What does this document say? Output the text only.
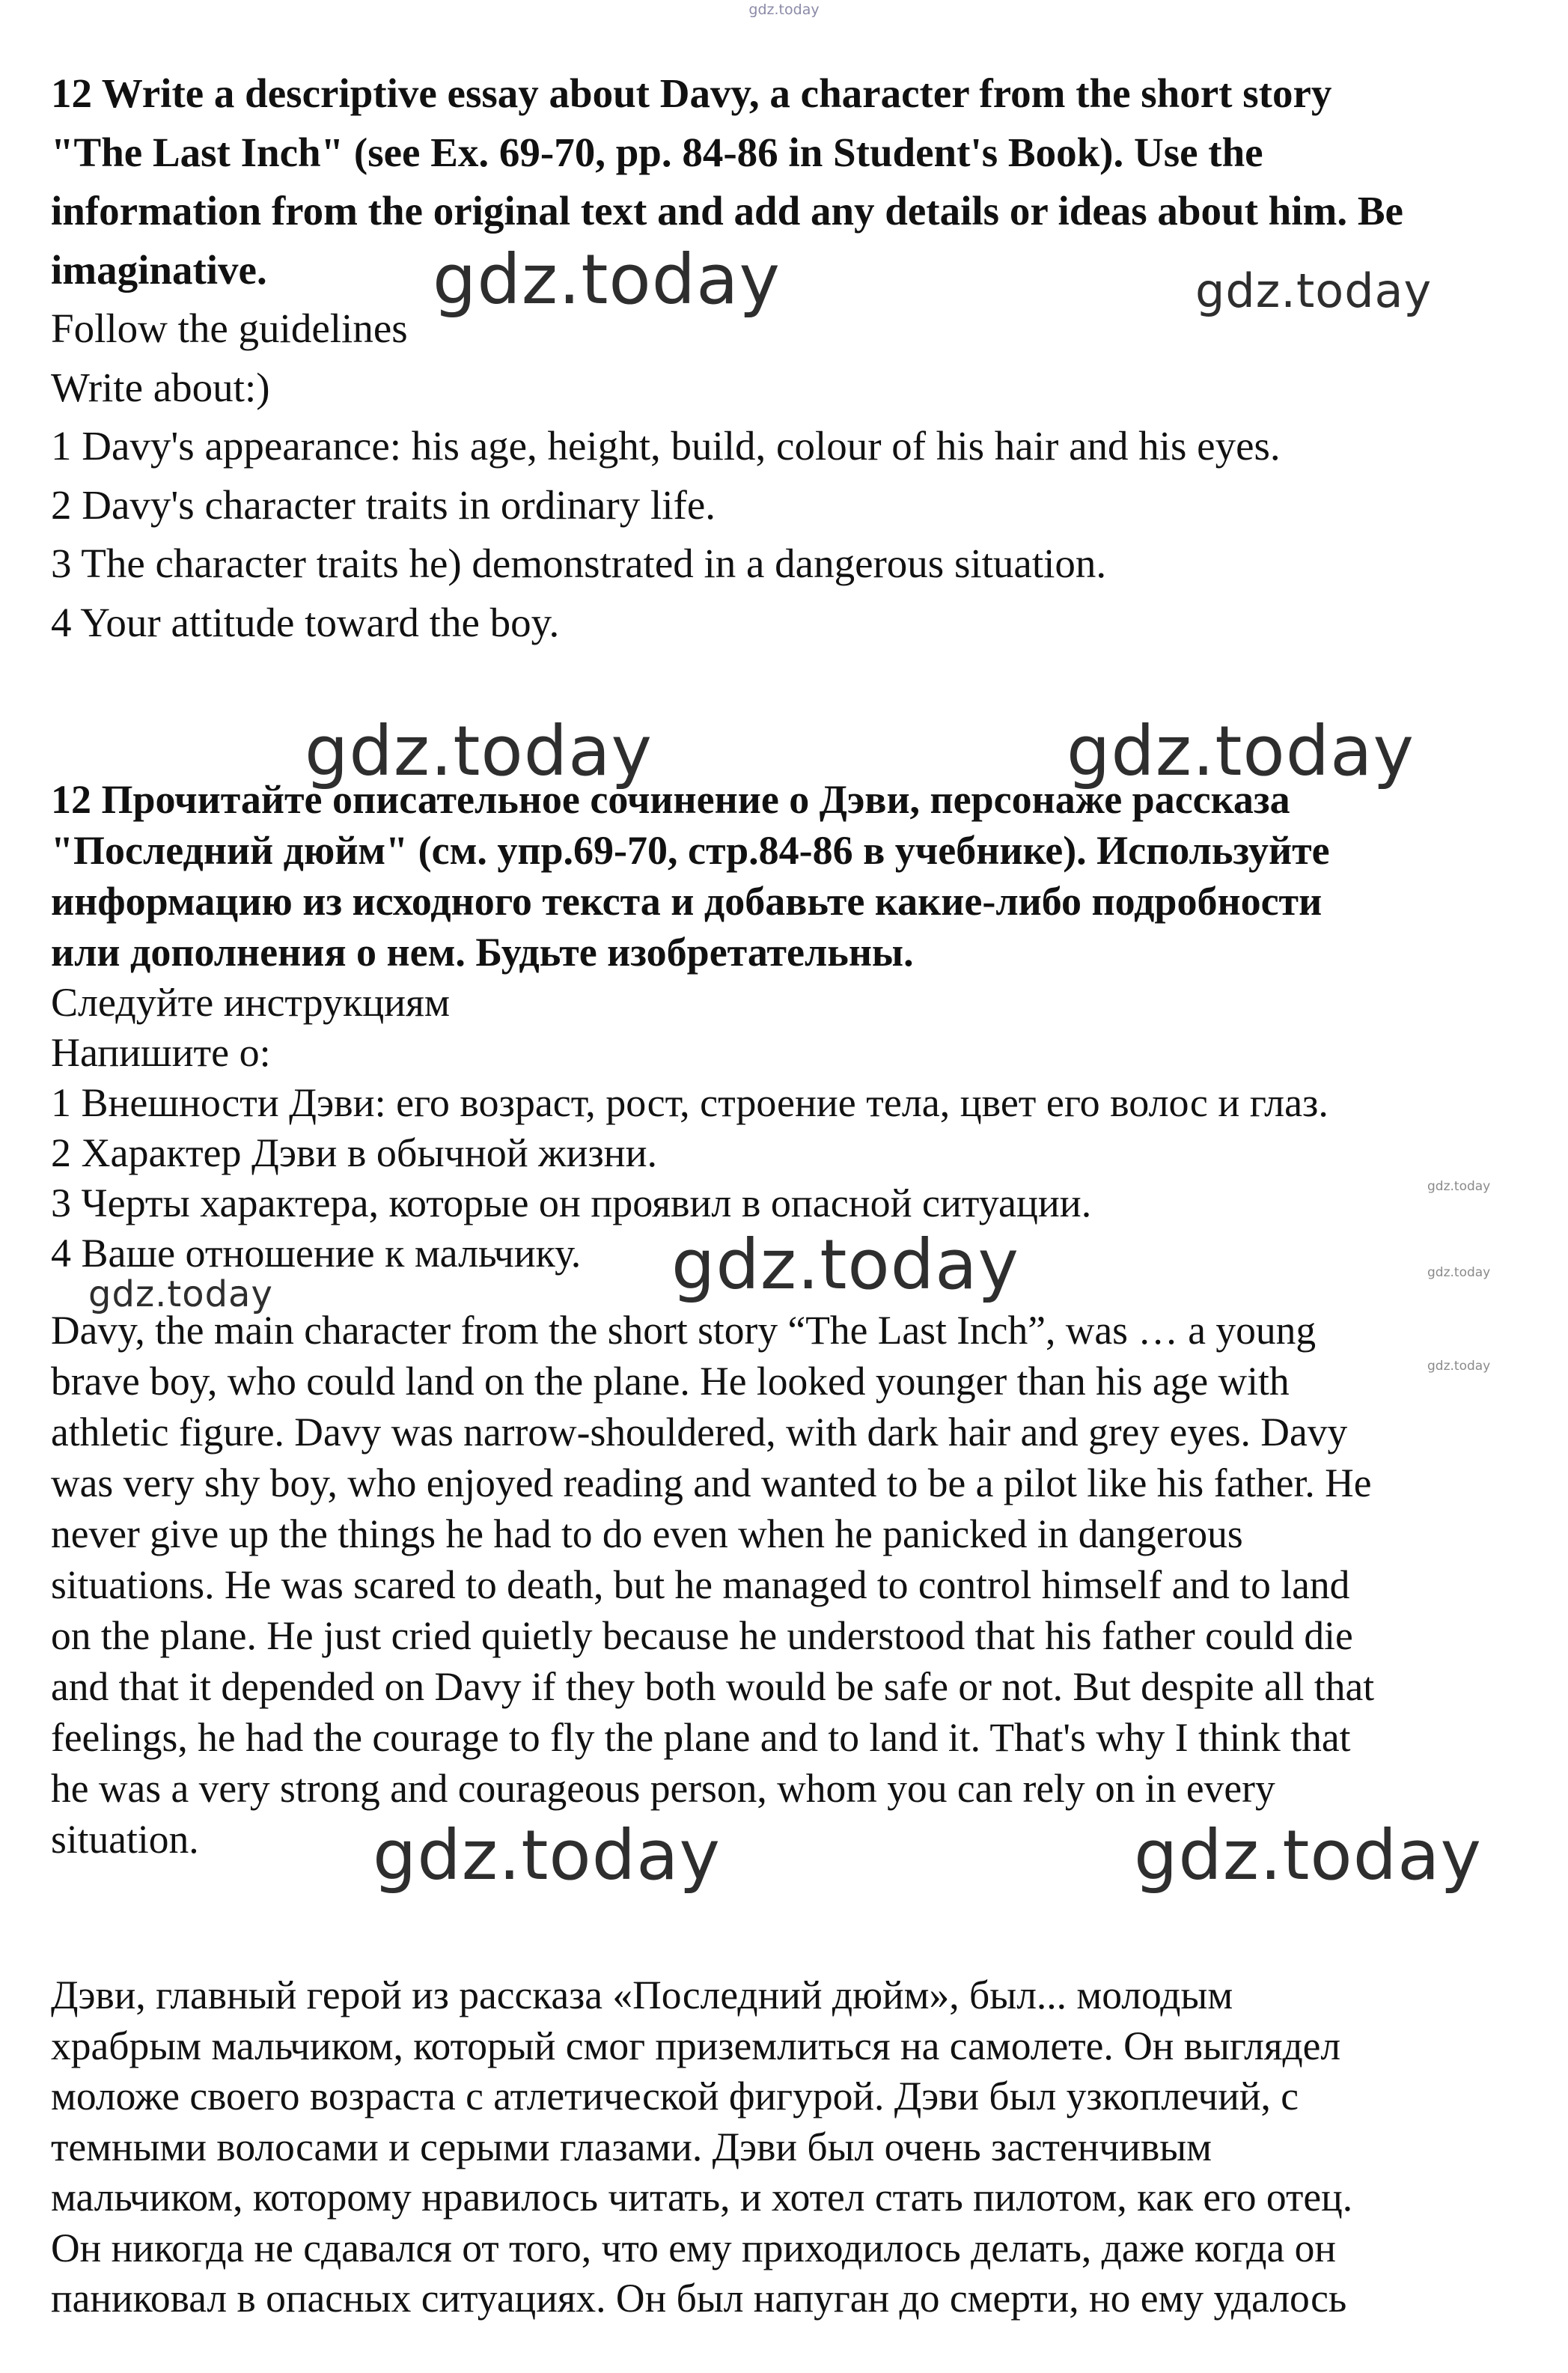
gdz.today

12 Write a descriptive essay about Davy, a character from the short story

"The Last Inch" (see Ex. 69-70, pp. 84-86 in Student's Book). Use the

information from the original text and add any details or ideas about him. Be

imaginative.

Follow the guidelines

Write about:)

1 Davy's appearance: his age, height, build, colour of his hair and his eyes.

2 Davy's character traits in ordinary life.

3 The character traits he) demonstrated in a dangerous situation.

4 Your attitude toward the boy.

12 Прочитайте описательное сочинение о Дэви, персонаже рассказа

"Последний дюйм" (см. упр.69-70, стр.84-86 в учебнике). Используйте

информацию из исходного текста и добавьте какие-либо подробности

или дополнения о нем. Будьте изобретательны.

Следуйте инструкциям

Напишите о:

1 Внешности Дэви: его возраст, рост, строение тела, цвет его волос и глаз.

2 Характер Дэви в обычной жизни.

3 Черты характера, которые он проявил в опасной ситуации.

4 Ваше отношение к мальчику.

Davy, the main character from the short story “The Last Inch”, was … a young

brave boy, who could land on the plane. He looked younger than his age with

athletic figure. Davy was narrow-shouldered, with dark hair and grey eyes. Davy

was very shy boy, who enjoyed reading and wanted to be a pilot like his father. He

never give up the things he had to do even when he panicked in dangerous

situations. He was scared to death, but he managed to control himself and to land

on the plane. He just cried quietly because he understood that his father could die

and that it depended on Davy if they both would be safe or not. But despite all that

feelings, he had the courage to fly the plane and to land it. That's why I think that

he was a very strong and courageous person, whom you can rely on in every

situation.

Дэви, главный герой из рассказа «Последний дюйм», был... молодым

храбрым мальчиком, который смог приземлиться на самолете. Он выглядел

моложе своего возраста с атлетической фигурой. Дэви был узкоплечий, с

темными волосами и серыми глазами. Дэви был очень застенчивым

мальчиком, которому нравилось читать, и хотел стать пилотом, как его отец.

Он никогда не сдавался от того, что ему приходилось делать, даже когда он

паниковал в опасных ситуациях. Он был напуган до смерти, но ему удалось

gdz.today	gdz.today
gdz.today	gdz.today
gdz.today
gdz.today	gdz.today
gdz.today
gdz.today
gdz.today	gdz.today
